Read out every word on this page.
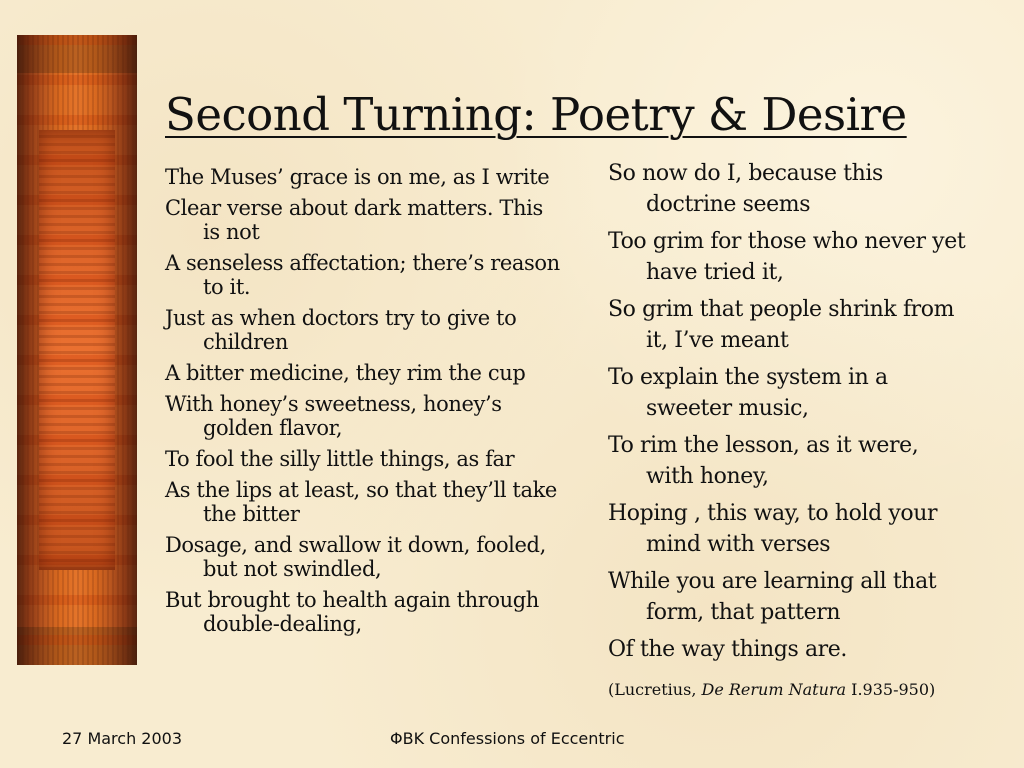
Second Turning: Poetry & Desire
The Muses’ grace is on me, as I write
Clear verse about dark matters. This is not
A senseless affectation; there’s reason to it.
Just as when doctors try to give to children
A bitter medicine, they rim the cup
With honey’s sweetness, honey’s golden flavor,
To fool the silly little things, as far
As the lips at least, so that they’ll take the bitter
Dosage, and swallow it down, fooled, but not swindled,
But brought to health again through double-dealing,
So now do I, because this doctrine seems
Too grim for those who never yet have tried it,
So grim that people shrink from it, I’ve meant
To explain the system in a sweeter music,
To rim the lesson, as it were, with honey,
Hoping , this way, to hold your mind with verses
While you are learning all that form, that pattern
Of the way things are.
(Lucretius, De Rerum Natura I.935-950)
27 March 2003	ΦΒΚ Confessions of Eccentric
